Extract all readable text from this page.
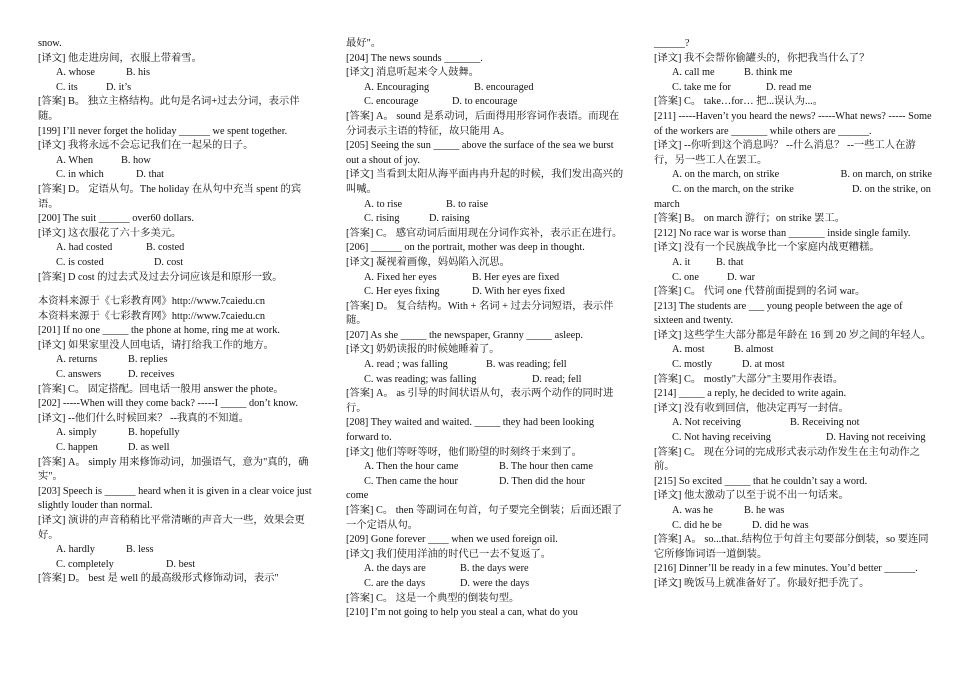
snow.
[译文] 他走进房间，衣服上带着雪。
A. whose	B. his
C. its	D. it’s
[答案] B。 独立主格结构。此句是名词+过去分词，表示伴随。
[199] I’ll never forget the holiday ______ we spent together.
[译文] 我将永远不会忘记我们在一起呆的日子。
A. When	B. how
C. in which	D. that
[答案] D。 定语从句。The holiday 在从句中充当 spent 的宾语。
[200] The suit ______ over60 dollars.
[译文] 这衣服花了六十多美元。
A. had costed	B. costed
C. is costed	D. cost
[答案] D cost 的过去式及过去分词应该是和原形一致。
本资料来源于《七彩教育网》http://www.7caiedu.cn
本资料来源于《七彩教育网》http://www.7caiedu.cn
[201] If no one _____ the phone at home, ring me at work.
[译文] 如果家里没人回电话，请打给我工作的地方。
A. returns	B. replies
C. answers	D. receives
[答案] C。 固定搭配。回电话一般用 answer the phote。
[202] -----When will they come back? -----I _____ don’t know.
[译文] --他们什么时候回来？ --我真的不知道。
A. simply	B. hopefully
C. happen	D. as well
[答案] A。 simply 用来修饰动词，加强语气，意为"真的，确实"。
[203] Speech is ______ heard when it is given in a clear voice just slightly louder than normal.
[译文] 演讲的声音稍稍比平常清晰的声音大一些，效果会更好。
A. hardly	B. less
C. completely	D. best
[答案] D。 best 是 well 的最高级形式修饰动词，表示"
最好"。
[204] The news sounds _______.
[译文] 消息听起来令人鼓舞。
A. Encouraging	B. encouraged
C. encourage	D. to encourage
[答案] A。 sound 是系动词，后面得用形容词作表语。而现在分词表示主语的特征，故只能用 A。
[205] Seeing the sun _____ above the surface of the sea we burst out a shout of joy.
[译文] 当看到太阳从海平面冉冉升起的时候，我们发出高兴的叫喊。
A. to rise	B. to raise
C. rising	D. raising
[答案] C。 感官动词后面用现在分词作宾补，表示正在进行。
[206] ______ on the portrait, mother was deep in thought.
[译文] 凝视着画像，妈妈陷入沉思。
A. Fixed her eyes	B. Her eyes are fixed
C. Her eyes fixing	D. With her eyes fixed
[答案] D。 复合结构。With + 名词 + 过去分词短语，表示伴随。
[207] As she _____ the newspaper, Granny _____ asleep.
[译文] 奶奶读报的时候她睡着了。
A. read ; was falling	B. was reading; fell
C. was reading; was falling	D. read; fell
[答案] A。 as 引导的时间状语从句，表示两个动作的同时进行。
[208] They waited and waited. _____ they had been looking forward to.
[译文] 他们等呀等呀，他们盼望的时刻终于来到了。
A. Then the hour came	B. The hour then came
C. Then came the hour	D. Then did the hour
come
[答案] C。 then 等副词在句首，句子要完全倒装；后面还跟了一个定语从句。
[209] Gone forever ____ when we used foreign oil.
[译文] 我们使用洋油的时代已一去不复返了。
A. the days are	B. the days were
C. are the days	D. were the days
[答案] C。 这是一个典型的倒装句型。
[210] I’m not going to help you steal a can, what do you
______?
[译文] 我不会帮你偷罐头的，你把我当什么了？
A. call me	B. think me
C. take me for	D. read me
[答案] C。 take…for… 把...误认为...。
[211] -----Haven’t you heard the news? -----What news? ----- Some of the workers are _______ while others are ______.
[译文] --你听到这个消息吗？ --什么消息？ --一些工人在游行，另一些工人在罢工。
A. on the march, on strike	B. on march, on strike
C. on the march, on the strike	D. on the strike, on
march
[答案] B。 on march 游行；on strike 罢工。
[212] No race war is worse than _______ inside single family.
[译文] 没有一个民族战争比一个家庭内战更糟糕。
A. it	B. that
C. one	D. war
[答案] C。 代词 one 代替前面提到的名词 war。
[213] The students are ___ young people between the age of sixteen and twenty.
[译文] 这些学生大部分都是年龄在 16 到 20 岁之间的年轻人。
A. most	B. almost
C. mostly	D. at most
[答案] C。 mostly"大部分"主要用作表语。
[214] _____ a reply, he decided to write again.
[译文] 没有收到回信，他决定再写一封信。
A. Not receiving	B. Receiving not
C. Not having receiving	D. Having not receiving
[答案] C。 现在分词的完成形式表示动作发生在主句动作之前。
[215] So excited _____ that he couldn’t say a word.
[译文] 他太激动了以至于说不出一句话来。
A. was he	B. he was
C. did he be	D. did he was
[答案] A。 so...that..结构位于句首主句要部分倒装，so 要连同它所修饰词语一道倒装。
[216] Dinner’ll be ready in a few minutes. You’d better ______.
[译文] 晚饭马上就准备好了。你最好把手洗了。
